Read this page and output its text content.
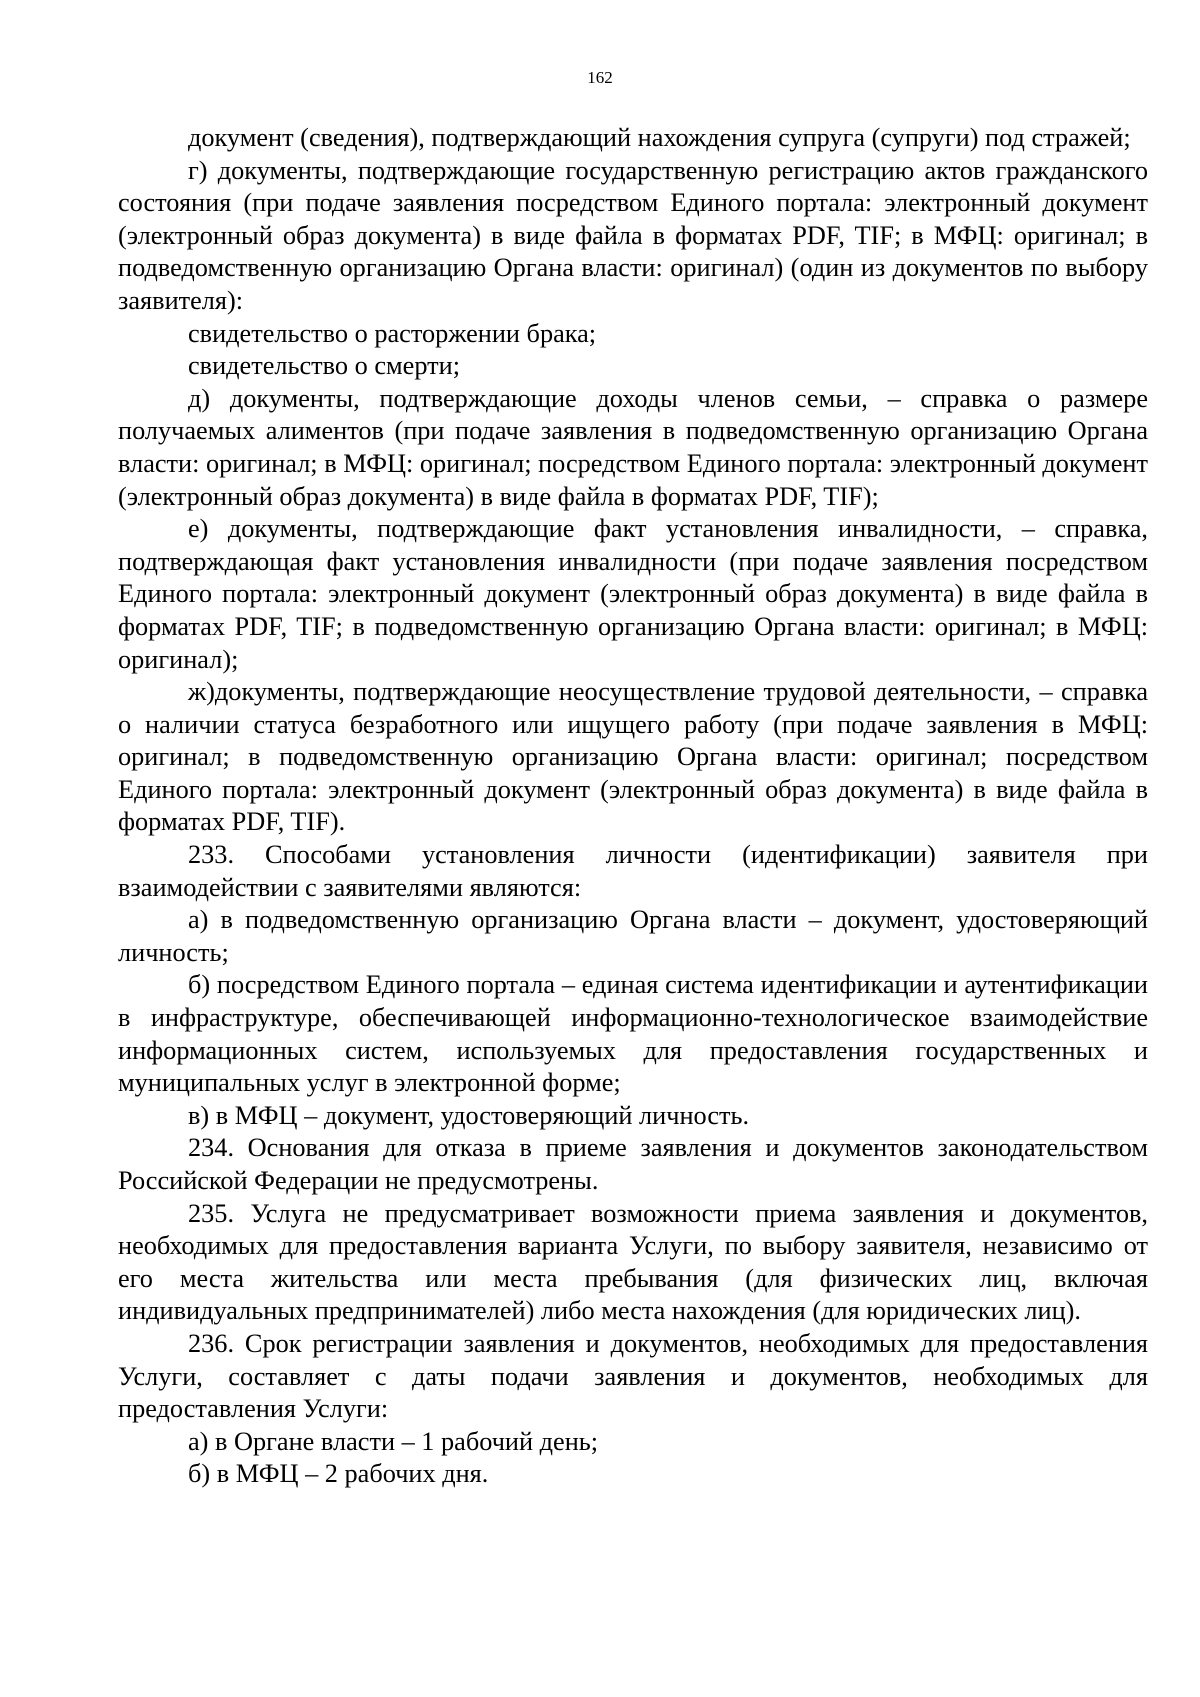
162

документ (сведения), подтверждающий нахождения супруга (супруги) под стражей;

г) документы, подтверждающие государственную регистрацию актов гражданского состояния (при подаче заявления посредством Единого портала: электронный документ (электронный образ документа) в виде файла в форматах PDF, TIF; в МФЦ: оригинал; в подведомственную организацию Органа власти: оригинал) (один из документов по выбору заявителя):

свидетельство о расторжении брака;

свидетельство о смерти;

д) документы, подтверждающие доходы членов семьи, – справка о размере получаемых алиментов (при подаче заявления в подведомственную организацию Органа власти: оригинал; в МФЦ: оригинал; посредством Единого портала: электронный документ (электронный образ документа) в виде файла в форматах PDF, TIF);

е) документы, подтверждающие факт установления инвалидности, – справка, подтверждающая факт установления инвалидности (при подаче заявления посредством Единого портала: электронный документ (электронный образ документа) в виде файла в форматах PDF, TIF; в подведомственную организацию Органа власти: оригинал; в МФЦ: оригинал);

ж)документы, подтверждающие неосуществление трудовой деятельности, – справка о наличии статуса безработного или ищущего работу (при подаче заявления в МФЦ: оригинал; в подведомственную организацию Органа власти: оригинал; посредством Единого портала: электронный документ (электронный образ документа) в виде файла в форматах PDF, TIF).

233. Способами установления личности (идентификации) заявителя при взаимодействии с заявителями являются:

а) в подведомственную организацию Органа власти – документ, удостоверяющий личность;

б) посредством Единого портала – единая система идентификации и аутентификации в инфраструктуре, обеспечивающей информационно-технологическое взаимодействие информационных систем, используемых для предоставления государственных и муниципальных услуг в электронной форме;

в) в МФЦ – документ, удостоверяющий личность.

234. Основания для отказа в приеме заявления и документов законодательством Российской Федерации не предусмотрены.

235. Услуга не предусматривает возможности приема заявления и документов, необходимых для предоставления варианта Услуги, по выбору заявителя, независимо от его места жительства или места пребывания (для физических лиц, включая индивидуальных предпринимателей) либо места нахождения (для юридических лиц).

236. Срок регистрации заявления и документов, необходимых для предоставления Услуги, составляет с даты подачи заявления и документов, необходимых для предоставления Услуги:

а) в Органе власти – 1 рабочий день;

б) в МФЦ – 2 рабочих дня.
